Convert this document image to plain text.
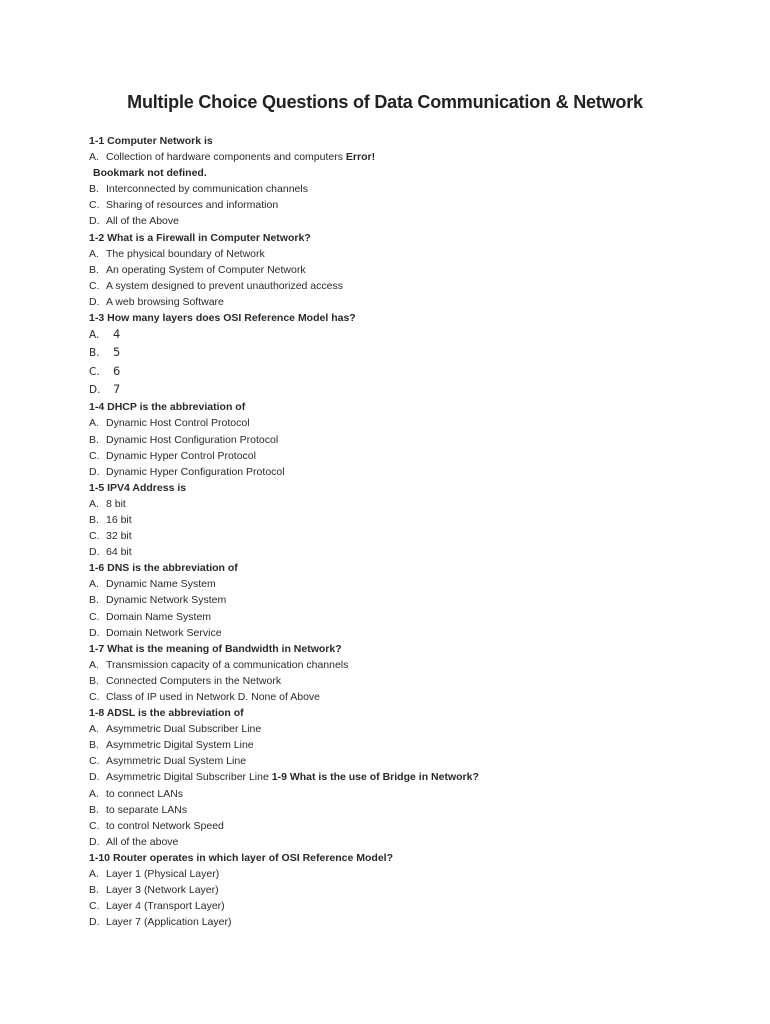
Multiple Choice Questions of Data Communication & Network
1-1 Computer Network is
A. Collection of hardware components and computers Error!
Bookmark not defined.
B. Interconnected by communication channels
C. Sharing of resources and information
D. All of the Above
1-2 What is a Firewall in Computer Network?
A. The physical boundary of Network
B. An operating System of Computer Network
C. A system designed to prevent unauthorized access
D. A web browsing Software
1-3 How many layers does OSI Reference Model has?
A. 4
B. 5
C. 6
D. 7
1-4 DHCP is the abbreviation of
A. Dynamic Host Control Protocol
B. Dynamic Host Configuration Protocol
C. Dynamic Hyper Control Protocol
D. Dynamic Hyper Configuration Protocol
1-5 IPV4 Address is
A. 8 bit
B. 16 bit
C. 32 bit
D. 64 bit
1-6 DNS is the abbreviation of
A. Dynamic Name System
B. Dynamic Network System
C. Domain Name System
D. Domain Network Service
1-7 What is the meaning of Bandwidth in Network?
A. Transmission capacity of a communication channels
B. Connected Computers in the Network
C. Class of IP used in Network D. None of Above
1-8 ADSL is the abbreviation of
A. Asymmetric Dual Subscriber Line
B. Asymmetric Digital System Line
C. Asymmetric Dual System Line
D. Asymmetric Digital Subscriber Line 1-9 What is the use of Bridge in Network?
A. to connect LANs
B. to separate LANs
C. to control Network Speed
D. All of the above
1-10 Router operates in which layer of OSI Reference Model?
A. Layer 1 (Physical Layer)
B. Layer 3 (Network Layer)
C. Layer 4 (Transport Layer)
D. Layer 7 (Application Layer)
